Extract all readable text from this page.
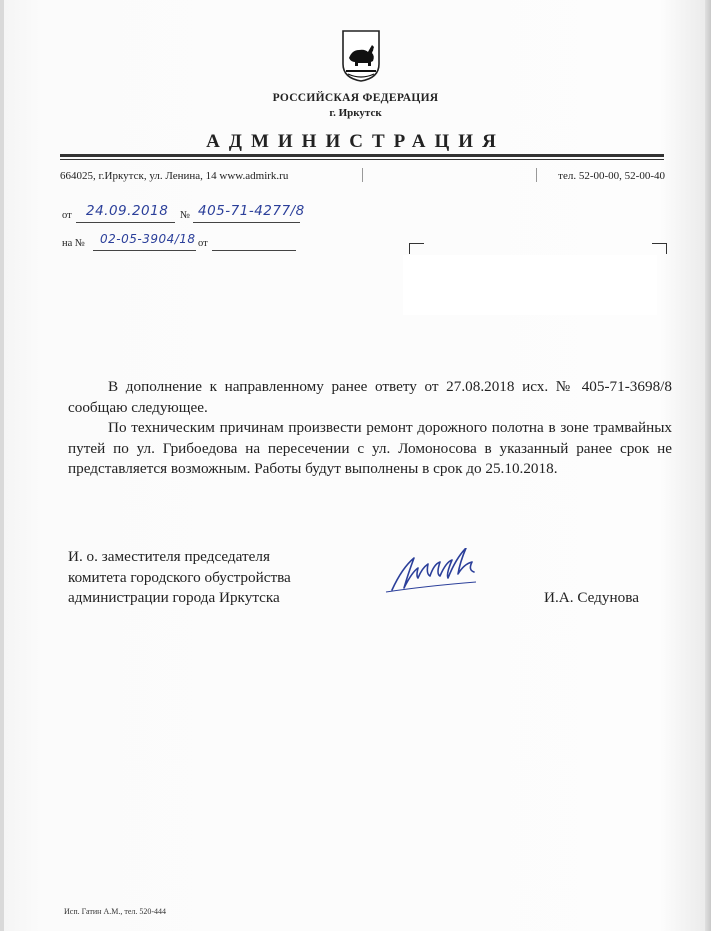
РОССИЙСКАЯ ФЕДЕРАЦИЯ
г. Иркутск
АДМИНИСТРАЦИЯ
664025, г.Иркутск, ул. Ленина, 14 www.admirk.ru	тел. 52-00-00, 52-00-40
от 24.09.2018 № 405-71-4277/8
на № 02-05-3904/18 от

В дополнение к направленному ранее ответу от 27.08.2018 исх. № 405-71-3698/8 сообщаю следующее.

По техническим причинам произвести ремонт дорожного полотна в зоне трамвайных путей по ул. Грибоедова на пересечении с ул. Ломоносова в указанный ранее срок не представляется возможным. Работы будут выполнены в срок до 25.10.2018.

И. о. заместителя председателя
комитета городского обустройства
администрации города Иркутска	И.А. Седунова
Исп. Гатин А.М., тел. 520-444
